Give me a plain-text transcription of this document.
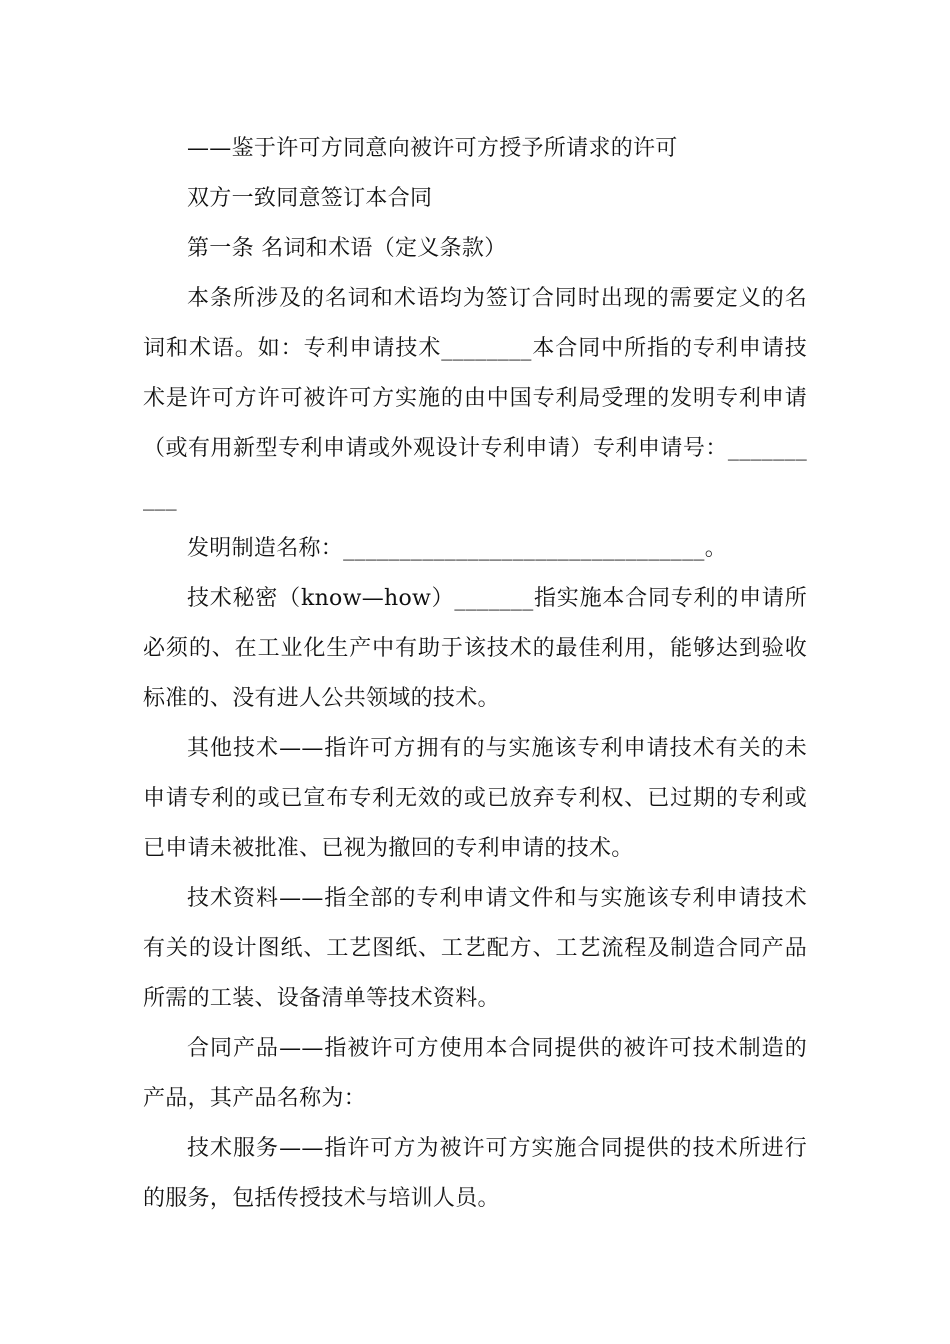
——鉴于许可方同意向被许可方授予所请求的许可

双方一致同意签订本合同

第一条 名词和术语（定义条款）

本条所涉及的名词和术语均为签订合同时出现的需要定义的名词和术语。如：专利申请技术________本合同中所指的专利申请技术是许可方许可被许可方实施的由中国专利局受理的发明专利申请（或有用新型专利申请或外观设计专利申请）专利申请号：__________

发明制造名称：________________________________。

技术秘密（know—how）_______指实施本合同专利的申请所必须的、在工业化生产中有助于该技术的最佳利用，能够达到验收标准的、没有进人公共领域的技术。

其他技术——指许可方拥有的与实施该专利申请技术有关的未申请专利的或已宣布专利无效的或已放弃专利权、已过期的专利或已申请未被批准、已视为撤回的专利申请的技术。

技术资料——指全部的专利申请文件和与实施该专利申请技术有关的设计图纸、工艺图纸、工艺配方、工艺流程及制造合同产品所需的工装、设备清单等技术资料。

合同产品——指被许可方使用本合同提供的被许可技术制造的产品，其产品名称为：

技术服务——指许可方为被许可方实施合同提供的技术所进行的服务，包括传授技术与培训人员。
